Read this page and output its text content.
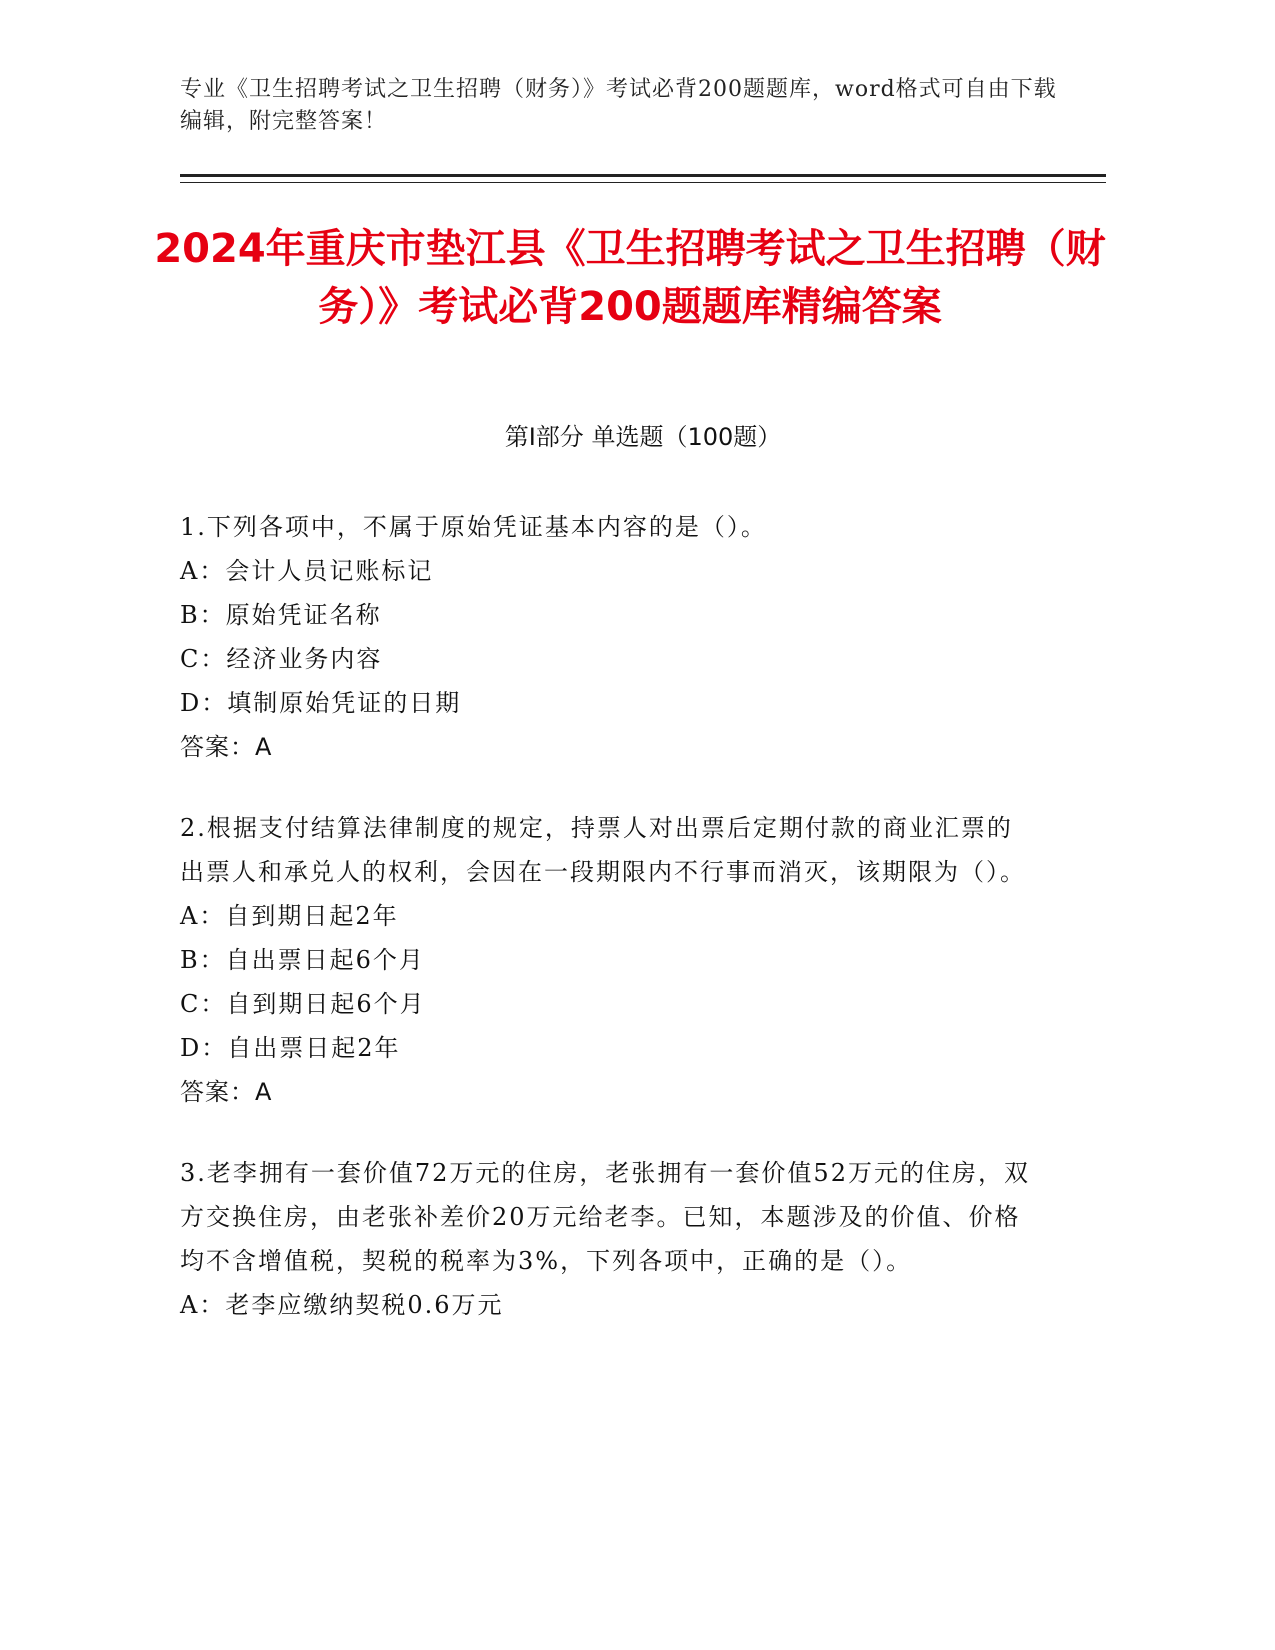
专业《卫生招聘考试之卫生招聘（财务）》考试必背200题题库，word格式可自由下载编辑，附完整答案！
2024年重庆市垫江县《卫生招聘考试之卫生招聘（财务）》考试必背200题题库精编答案
第I部分 单选题（100题）
1.下列各项中，不属于原始凭证基本内容的是（）。
A：会计人员记账标记
B：原始凭证名称
C：经济业务内容
D：填制原始凭证的日期
答案：A
2.根据支付结算法律制度的规定，持票人对出票后定期付款的商业汇票的出票人和承兑人的权利，会因在一段期限内不行事而消灭，该期限为（）。
A：自到期日起2年
B：自出票日起6个月
C：自到期日起6个月
D：自出票日起2年
答案：A
3.老李拥有一套价值72万元的住房，老张拥有一套价值52万元的住房，双方交换住房，由老张补差价20万元给老李。已知，本题涉及的价值、价格均不含增值税，契税的税率为3%，下列各项中，正确的是（）。
A：老李应缴纳契税0.6万元
